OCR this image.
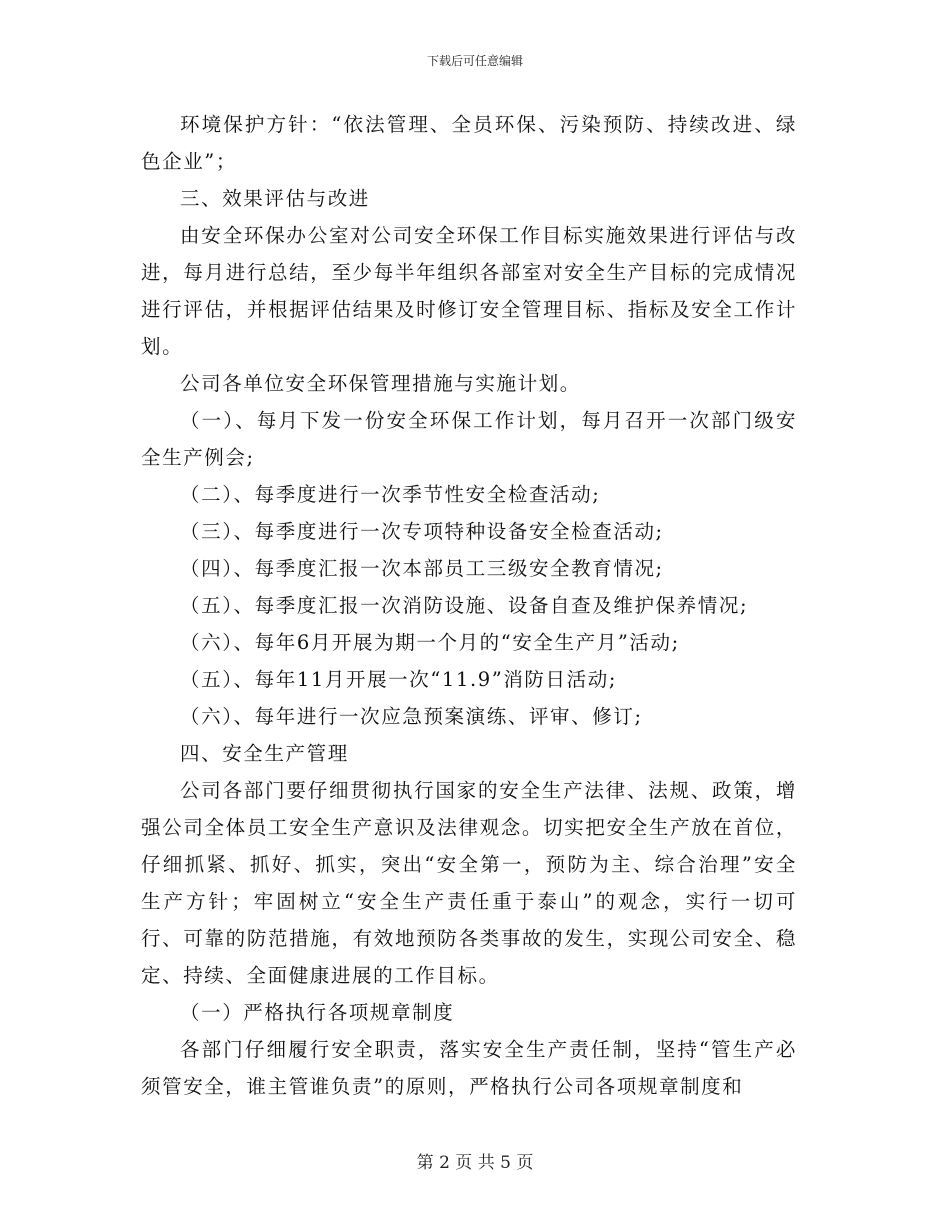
下载后可任意编辑

环境保护方针：“依法管理、全员环保、污染预防、持续改进、绿色企业”；

三、效果评估与改进

由安全环保办公室对公司安全环保工作目标实施效果进行评估与改进，每月进行总结，至少每半年组织各部室对安全生产目标的完成情况进行评估，并根据评估结果及时修订安全管理目标、指标及安全工作计划。

公司各单位安全环保管理措施与实施计划。

（一）、每月下发一份安全环保工作计划，每月召开一次部门级安全生产例会;

（二）、每季度进行一次季节性安全检查活动;

（三）、每季度进行一次专项特种设备安全检查活动;

（四）、每季度汇报一次本部员工三级安全教育情况;

（五）、每季度汇报一次消防设施、设备自查及维护保养情况;

（六）、每年6月开展为期一个月的“安全生产月”活动;

（五）、每年11月开展一次“11.9”消防日活动;

（六）、每年进行一次应急预案演练、评审、修订;

四、安全生产管理

公司各部门要仔细贯彻执行国家的安全生产法律、法规、政策，增强公司全体员工安全生产意识及法律观念。切实把安全生产放在首位，仔细抓紧、抓好、抓实，突出“安全第一，预防为主、综合治理”安全生产方针；牢固树立“安全生产责任重于泰山”的观念，实行一切可行、可靠的防范措施，有效地预防各类事故的发生，实现公司安全、稳定、持续、全面健康进展的工作目标。

（一）严格执行各项规章制度

各部门仔细履行安全职责，落实安全生产责任制，坚持“管生产必须管安全，谁主管谁负责”的原则，严格执行公司各项规章制度和

第 2 页 共 5 页
